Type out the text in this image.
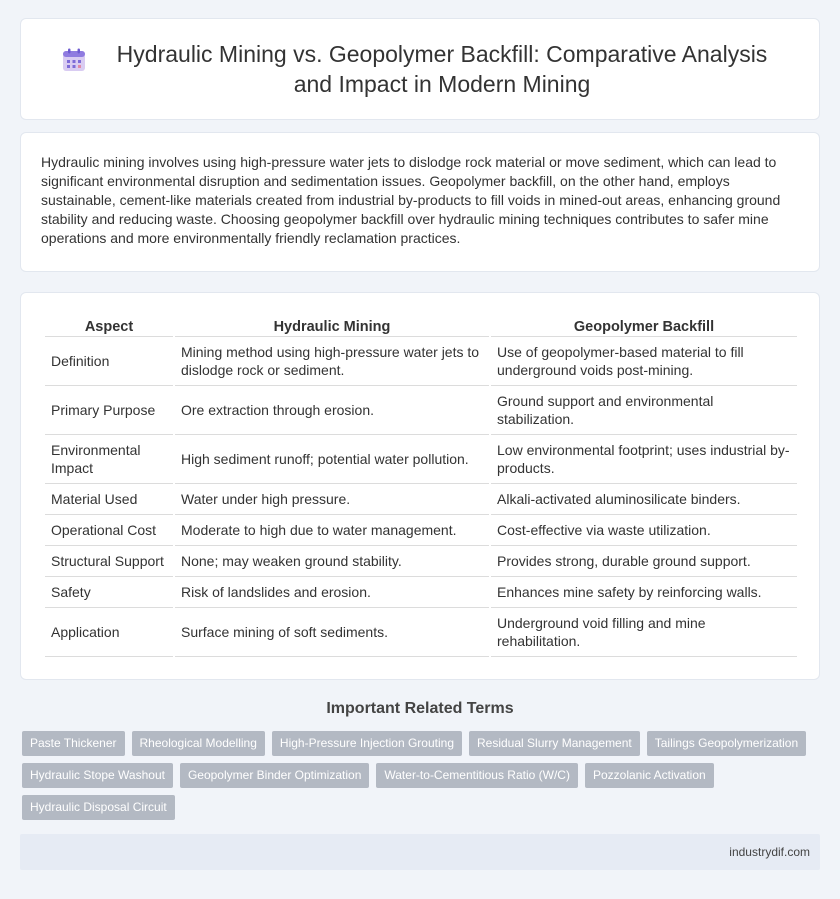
Hydraulic Mining vs. Geopolymer Backfill: Comparative Analysis and Impact in Modern Mining

Hydraulic mining involves using high-pressure water jets to dislodge rock material or move sediment, which can lead to significant environmental disruption and sedimentation issues. Geopolymer backfill, on the other hand, employs sustainable, cement-like materials created from industrial by-products to fill voids in mined-out areas, enhancing ground stability and reducing waste. Choosing geopolymer backfill over hydraulic mining techniques contributes to safer mine operations and more environmentally friendly reclamation practices.

Aspect	Hydraulic Mining	Geopolymer Backfill
Definition	Mining method using high-pressure water jets to dislodge rock or sediment.	Use of geopolymer-based material to fill underground voids post-mining.
Primary Purpose	Ore extraction through erosion.	Ground support and environmental stabilization.
Environmental Impact	High sediment runoff; potential water pollution.	Low environmental footprint; uses industrial by-products.
Material Used	Water under high pressure.	Alkali-activated aluminosilicate binders.
Operational Cost	Moderate to high due to water management.	Cost-effective via waste utilization.
Structural Support	None; may weaken ground stability.	Provides strong, durable ground support.
Safety	Risk of landslides and erosion.	Enhances mine safety by reinforcing walls.
Application	Surface mining of soft sediments.	Underground void filling and mine rehabilitation.
Important Related Terms
Paste Thickener	Rheological Modelling	High-Pressure Injection Grouting	Residual Slurry Management	Tailings Geopolymerization
Hydraulic Stope Washout	Geopolymer Binder Optimization	Water-to-Cementitious Ratio (W/C)	Pozzolanic Activation
Hydraulic Disposal Circuit
industrydif.com
